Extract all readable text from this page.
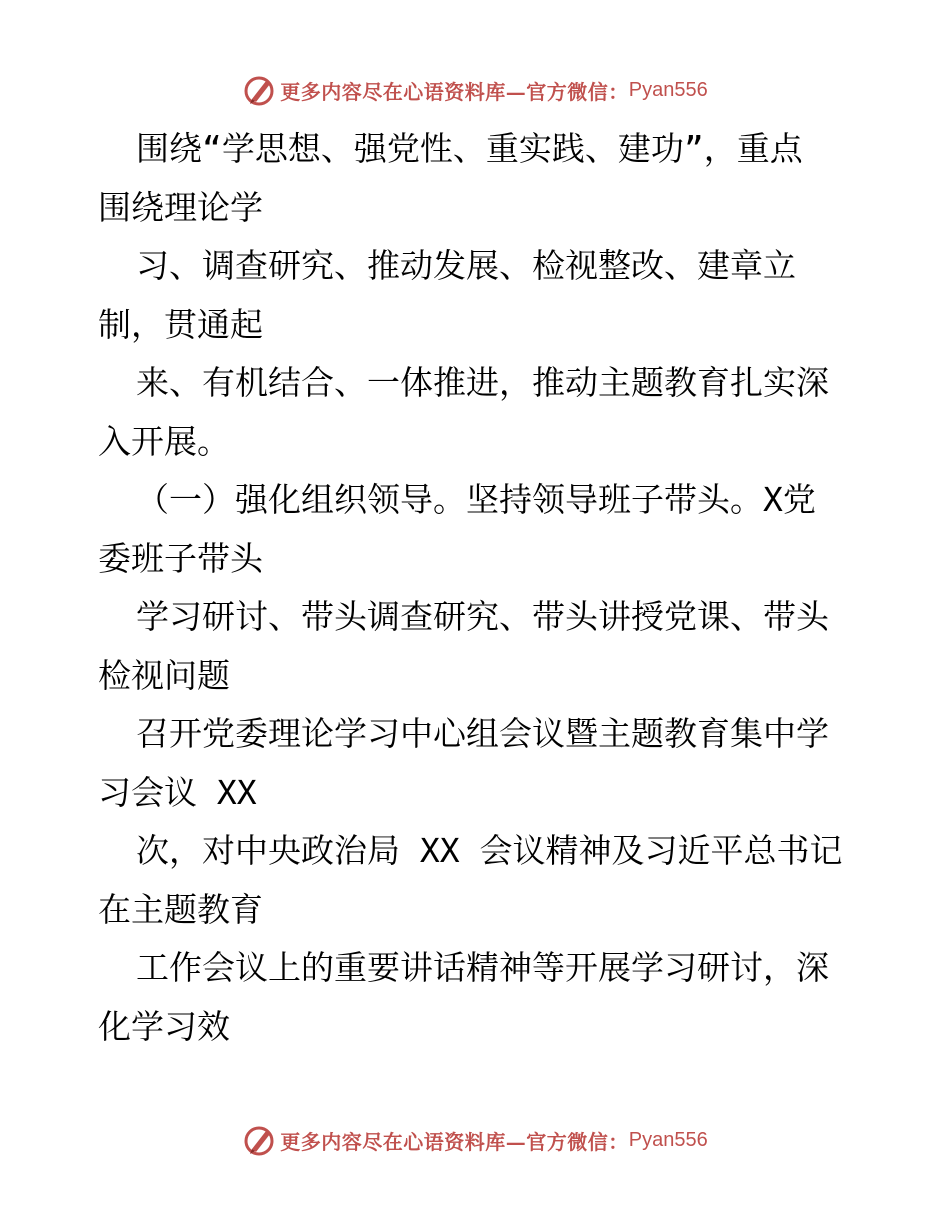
更多内容尽在心语资料库—官方微信： Pyan556
围绕“学思想、强党性、重实践、建功”，重点
围绕理论学
习、调查研究、推动发展、检视整改、建章立
制，贯通起
来、有机结合、一体推进，推动主题教育扎实深
入开展。
（一）强化组织领导。坚持领导班子带头。X党
委班子带头
学习研讨、带头调查研究、带头讲授党课、带头
检视问题
召开党委理论学习中心组会议暨主题教育集中学
习会议 XX
次，对中央政治局 XX 会议精神及习近平总书记
在主题教育
工作会议上的重要讲话精神等开展学习研讨，深
化学习效
更多内容尽在心语资料库—官方微信： Pyan556
